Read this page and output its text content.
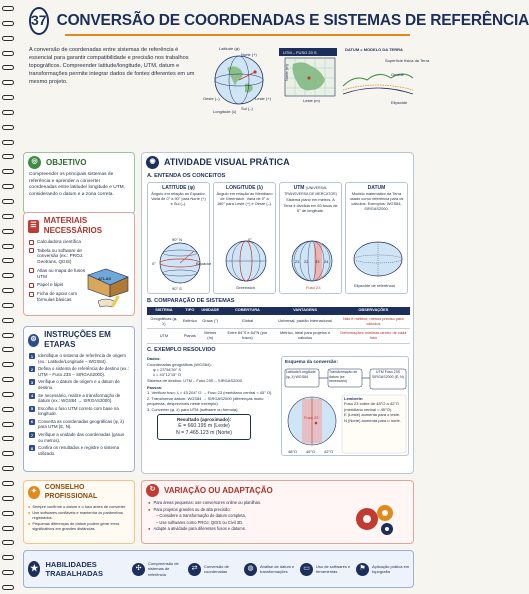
37 CONVERSÃO DE COORDENADAS E SISTEMAS DE REFERÊNCIA

A conversão de coordenadas entre sistemas de referência é essencial para garantir compatibilidade e precisão nos trabalhos topográficos. Compreender latitude/longitude, UTM, datum e transformações permite integrar dados de fontes diferentes em um mesmo projeto.

Latitude (φ)
Norte (+)
Sul (–)
Oeste (–)	Leste (+)
Longitude (λ)
UTM – FUSO 23 S
Norte (m)
Leste (m)
DATUM = MODELO DA TERRA
Superfície física da Terra
Geoide
Elipsoide
◎	OBJETIVO

Compreender os principais sistemas de referência e aprender a converter coordenadas entre latitude/ longitude e UTM, considerando o datum e a zona correta.

☰
MATERIAIS NECESSÁRIOS
Calculadora científica
Tabela ou software de conversão (ex.: PROJ, Geotrans, QGIS)
Atlas ou mapa de fusos UTM
Papel e lápis
Ficha de apoio com fórmulas básicas
ATLAS
⚙
INSTRUÇÕES EM ETAPAS
1	Identifique o sistema de referência de origem (ex.: Latitude/Longitude – WGS84).
2	Defina o sistema de referência de destino (ex.: UTM – Fuso 23S – SIRGAS2000).
3	Verifique o datum de origem e o datum de destino.
4	Se necessário, realize a transformação de datum (ex.: WGS84 → SIRGAS2000).
5	Escolha o fuso UTM correto com base na longitude.
6	Converta as coordenadas geográficas (φ, λ) para UTM (E, N).
7	Verifique a unidade das coordenadas (graus ou metros).
8	Confira os resultados e registre o sistema utilizado.
◉ ATIVIDADE VISUAL PRÁTICA
A. ENTENDA OS CONCEITOS
LATITUDE (φ)

Ângulo em relação ao Equador. Varia de 0° a 90° para Norte (+) e Sul (–).

90° N
Equador
0°
90° S
LONGITUDE (λ)

Ângulo em relação ao Meridiano de Greenwich. Varia de 0° a 180° para Leste (+) e Oeste (–).

0°
Greenwich
UTM (UNIVERSAL TRANSVERSA DE MERCATOR)

Sistema plano em metros. A Terra é dividida em 60 fusos de 6° de longitude.

21 22 23 24
Fuso 23
DATUM

Modelo matemático da Terra usado como referência para os cálculos. Exemplos: WGS84, SIRGAS2000.

Elipsoide de referência
B. COMPARAÇÃO DE SISTEMAS
SISTEMA	TIPO	UNIDADE	COBERTURA	VANTAGENS	OBSERVAÇÕES
Geográficas (φ, λ)	Esférico	Graus (°)	Global	Universal, padrão internacional	Não é métrico, menos preciso para cálculos
UTM	Planas	Metros (m)	Entre 84°S e 84°N (por fusos)	Métrico, ideal para projetos e cálculos	Deformações mínimas dentro de cada fuso
C. EXEMPLO RESOLVIDO
Dados:
Coordenadas geográficas (WGS84):
φ = 23°54'30" S
λ = 43°12'15" O
Sistema de destino: UTM – Fuso 23S – SIRGAS2000
Passos:
1. Verificar fuso: λ = 43,204° O → Fuso 23 (meridiano central = 45° O).
2. Transformar datum: WGS84 → SIRGAS2000 (diferenças muito pequenas, desprezíveis neste exemplo).
3. Converter (φ, λ) para UTM (software ou fórmula).
Resultado (aproximado):
E = 660.195 m (Leste)
N = 7.465.123 m (Norte)
Esquema da conversão:
Latitude/Longitude (φ, λ) WGS84
Transformação de datum (se necessário)
UTM Fuso 23S SIRGAS2000 (E, N)
48°O 45°O 42°O
Fuso 23
Lembrete:
Fuso 23 cobre de 48°O a 42°O (meridiano central = 45°O).
E (Leste) aumenta para o leste.
N (Norte) aumenta para o norte.
✦
CONSELHO PROFISSIONAL
● Sempre confirme o datum e o fuso antes de converter.
● Use softwares confiáveis e mantenha os parâmetros registrados.
● Pequenas diferenças de datum podem gerar erros significativos em grandes distâncias.
↻	VARIAÇÃO OU ADAPTAÇÃO
● Para áreas pequenas: use conversores online ou planilhas.
● Para projetos grandes ou de alta precisão:
– Considere a transformação de datum completa.
– Use softwares como PROJ, QGIS ou Civil 3D.
● Adapte a atividade para diferentes fusos e datums.
★ HABILIDADES TRABALHADAS
✣
Compreensão de sistemas de referência
⇄	Conversão de coordenadas	◍	Análise de datum e transformações	▭	Uso de softwares e ferramentas	⚑	Aplicação prática em topografia
